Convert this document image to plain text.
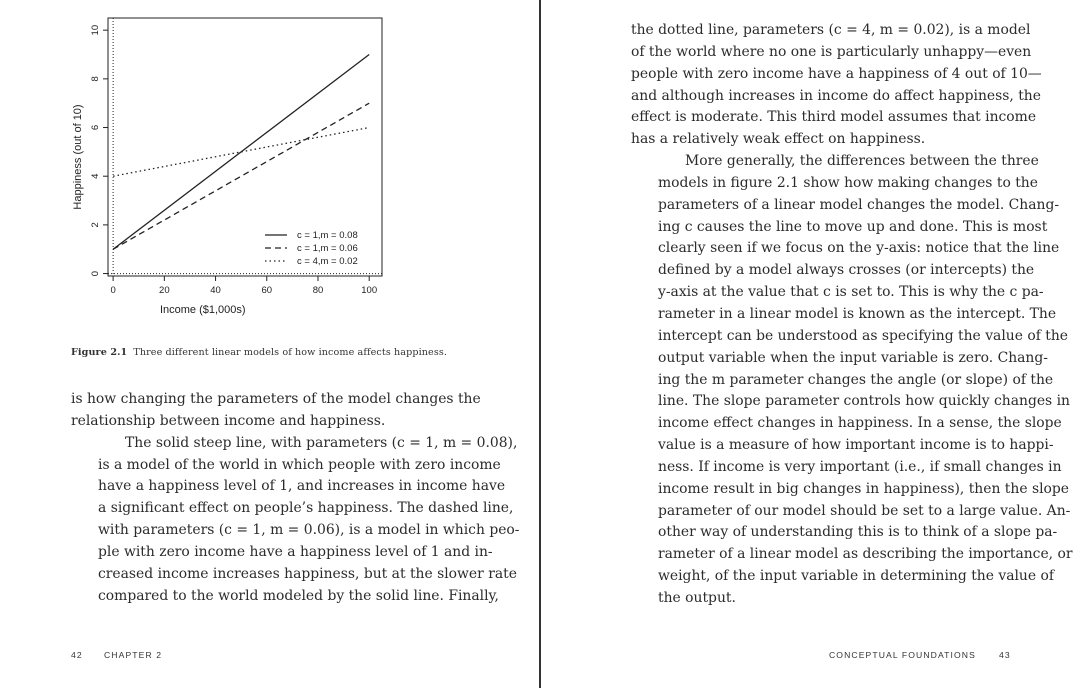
0	20	40	60	80	100
0
2
4
6
8
10
Income ($1,000s)
Happiness (out of 10)
c = 1,m = 0.08
c = 1,m = 0.06
c = 4,m = 0.02
Figure 2.1 Three different linear models of how income affects happiness.
is how changing the parameters of the model changes the
relationship between income and happiness.
The solid steep line, with parameters (c = 1, m = 0.08),
is a model of the world in which people with zero income
have a happiness level of 1, and increases in income have
a significant effect on people’s happiness. The dashed line,
with parameters (c = 1, m = 0.06), is a model in which peo-
ple with zero income have a happiness level of 1 and in-
creased income increases happiness, but at the slower rate
compared to the world modeled by the solid line. Finally,
42 CHAPTER 2
the dotted line, parameters (c = 4, m = 0.02), is a model
of the world where no one is particularly unhappy—even
people with zero income have a happiness of 4 out of 10—
and although increases in income do affect happiness, the
effect is moderate. This third model assumes that income
has a relatively weak effect on happiness.
More generally, the differences between the three
models in figure 2.1 show how making changes to the
parameters of a linear model changes the model. Chang-
ing c causes the line to move up and done. This is most
clearly seen if we focus on the y-axis: notice that the line
defined by a model always crosses (or intercepts) the
y-axis at the value that c is set to. This is why the c pa-
rameter in a linear model is known as the intercept. The
intercept can be understood as specifying the value of the
output variable when the input variable is zero. Chang-
ing the m parameter changes the angle (or slope) of the
line. The slope parameter controls how quickly changes in
income effect changes in happiness. In a sense, the slope
value is a measure of how important income is to happi-
ness. If income is very important (i.e., if small changes in
income result in big changes in happiness), then the slope
parameter of our model should be set to a large value. An-
other way of understanding this is to think of a slope pa-
rameter of a linear model as describing the importance, or
weight, of the input variable in determining the value of
the output.
CONCEPTUAL FOUNDATIONS	43
